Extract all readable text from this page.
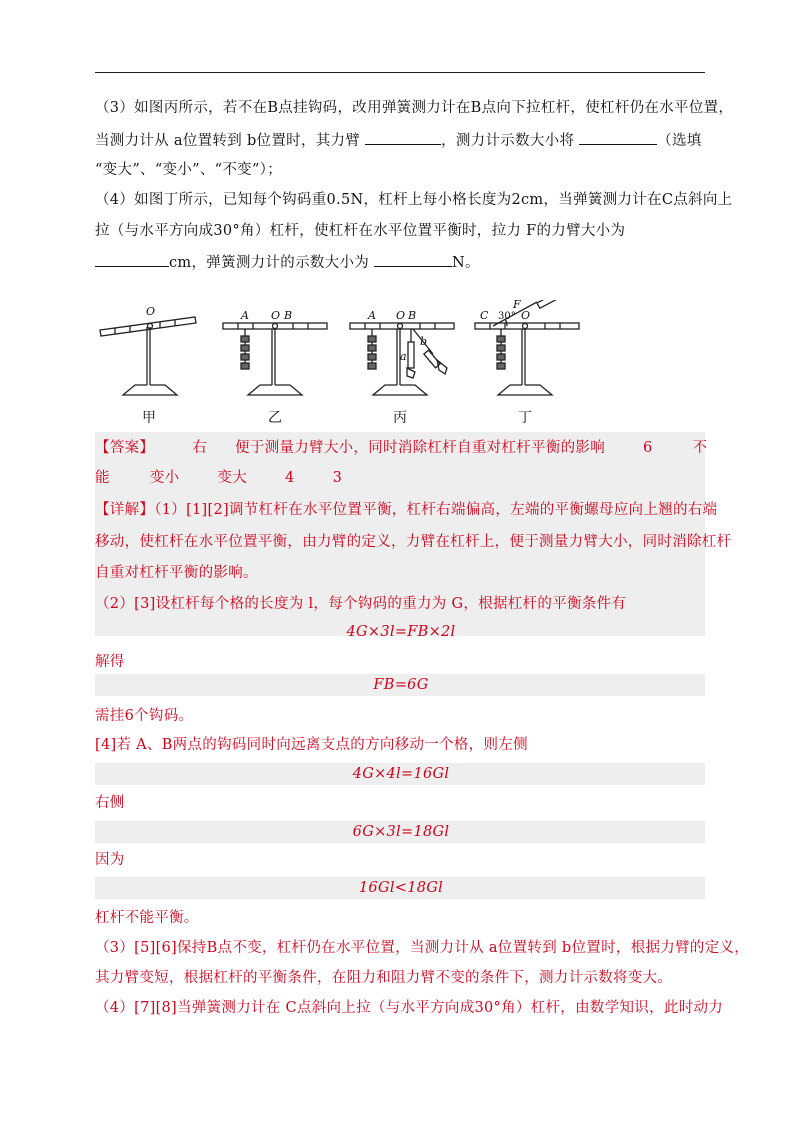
（3）如图丙所示，若不在B点挂钩码，改用弹簧测力计在B点向下拉杠杆，使杠杆仍在水平位置，
当测力计从 a位置转到 b位置时，其力臂	，测力计示数大小将	（选填
“变大”、“变小”、“不变”）；
（4）如图丁所示，已知每个钩码重0.5N，杠杆上每小格长度为2cm，当弹簧测力计在C点斜向上
拉（与水平方向成30°角）杠杆，使杠杆在水平位置平衡时，拉力 F的力臂大小为
cm，弹簧测力计的示数大小为	N。
O	A O B	A O B
a
b
C	O
F
30°
甲	乙	丙	丁
【答案】	右 便于测量力臂大小，同时消除杠杆自重对杠杆平衡的影响	6	不
能	变小	变大	4	3
【详解】（1）[1][2]调节杠杆在水平位置平衡，杠杆右端偏高，左端的平衡螺母应向上翘的右端
移动，使杠杆在水平位置平衡，由力臂的定义，力臂在杠杆上，便于测量力臂大小，同时消除杠杆
自重对杠杆平衡的影响。
（2）[3]设杠杆每个格的长度为 l，每个钩码的重力为 G，根据杠杆的平衡条件有
4G×3l=FB×2l
解得
FB=6G
需挂6个钩码。
[4]若 A、B两点的钩码同时向远离支点的方向移动一个格，则左侧
4G×4l=16Gl
右侧
6G×3l=18Gl
因为
16Gl<18Gl
杠杆不能平衡。
（3）[5][6]保持B点不变，杠杆仍在水平位置，当测力计从 a位置转到 b位置时，根据力臂的定义，
其力臂变短，根据杠杆的平衡条件，在阻力和阻力臂不变的条件下，测力计示数将变大。
（4）[7][8]当弹簧测力计在 C点斜向上拉（与水平方向成30°角）杠杆，由数学知识，此时动力
